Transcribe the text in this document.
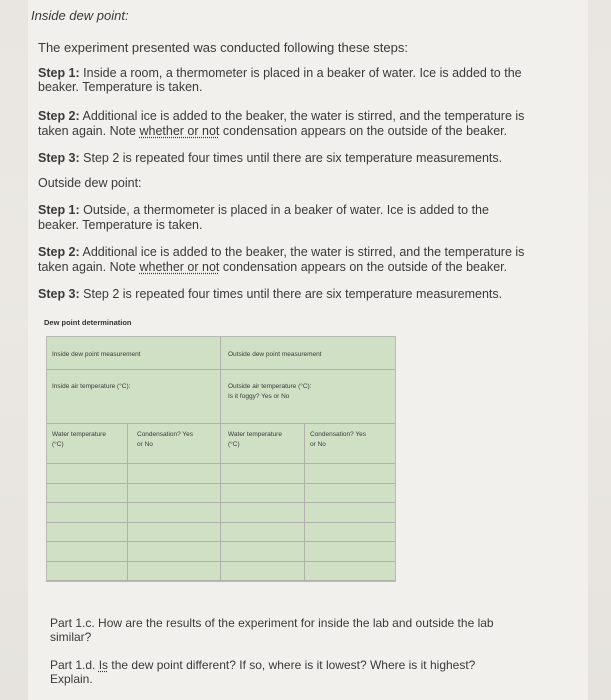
Inside dew point:
The experiment presented was conducted following these steps:
Step 1: Inside a room, a thermometer is placed in a beaker of water. Ice is added to the
beaker. Temperature is taken.
Step 2: Additional ice is added to the beaker, the water is stirred, and the temperature is
taken again. Note whether or not condensation appears on the outside of the beaker.
Step 3: Step 2 is repeated four times until there are six temperature measurements.
Outside dew point:
Step 1: Outside, a thermometer is placed in a beaker of water. Ice is added to the
beaker. Temperature is taken.
Step 2: Additional ice is added to the beaker, the water is stirred, and the temperature is
taken again. Note whether or not condensation appears on the outside of the beaker.
Step 3: Step 2 is repeated four times until there are six temperature measurements.
Dew point determination
Inside dew point measurement	Outside dew point measurement
Inside air temperature (°C):	Outside air temperature (°C):
Is it foggy? Yes or No
Water temperature
(°C)
Condensation? Yes
or No
Water temperature
(°C)
Condensation? Yes
or No
Part 1.c. How are the results of the experiment for inside the lab and outside the lab
similar?
Part 1.d. Is the dew point different? If so, where is it lowest? Where is it highest?
Explain.
